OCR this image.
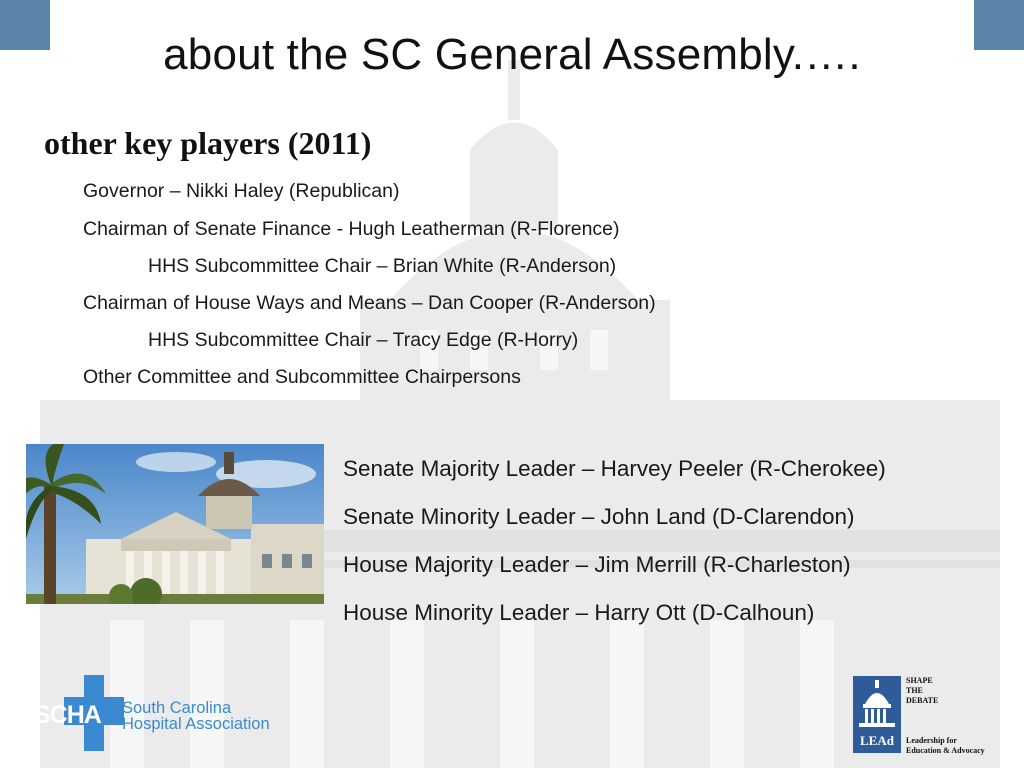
about the SC General Assembly.….
other key players (2011)
Governor – Nikki Haley (Republican)
Chairman of Senate Finance - Hugh Leatherman (R-Florence)
HHS Subcommittee Chair – Brian White (R-Anderson)
Chairman of House Ways and Means – Dan Cooper (R-Anderson)
HHS Subcommittee Chair – Tracy Edge (R-Horry)
Other Committee and Subcommittee Chairpersons
Senate Majority Leader – Harvey Peeler (R-Cherokee)
Senate Minority Leader – John Land (D-Clarendon)
House Majority Leader – Jim Merrill (R-Charleston)
House Minority Leader – Harry Ott (D-Calhoun)
SCHA South Carolina
Hospital Association
LEAd
SHAPE
THE
DEBATE
Leadership for
Education & Advocacy
